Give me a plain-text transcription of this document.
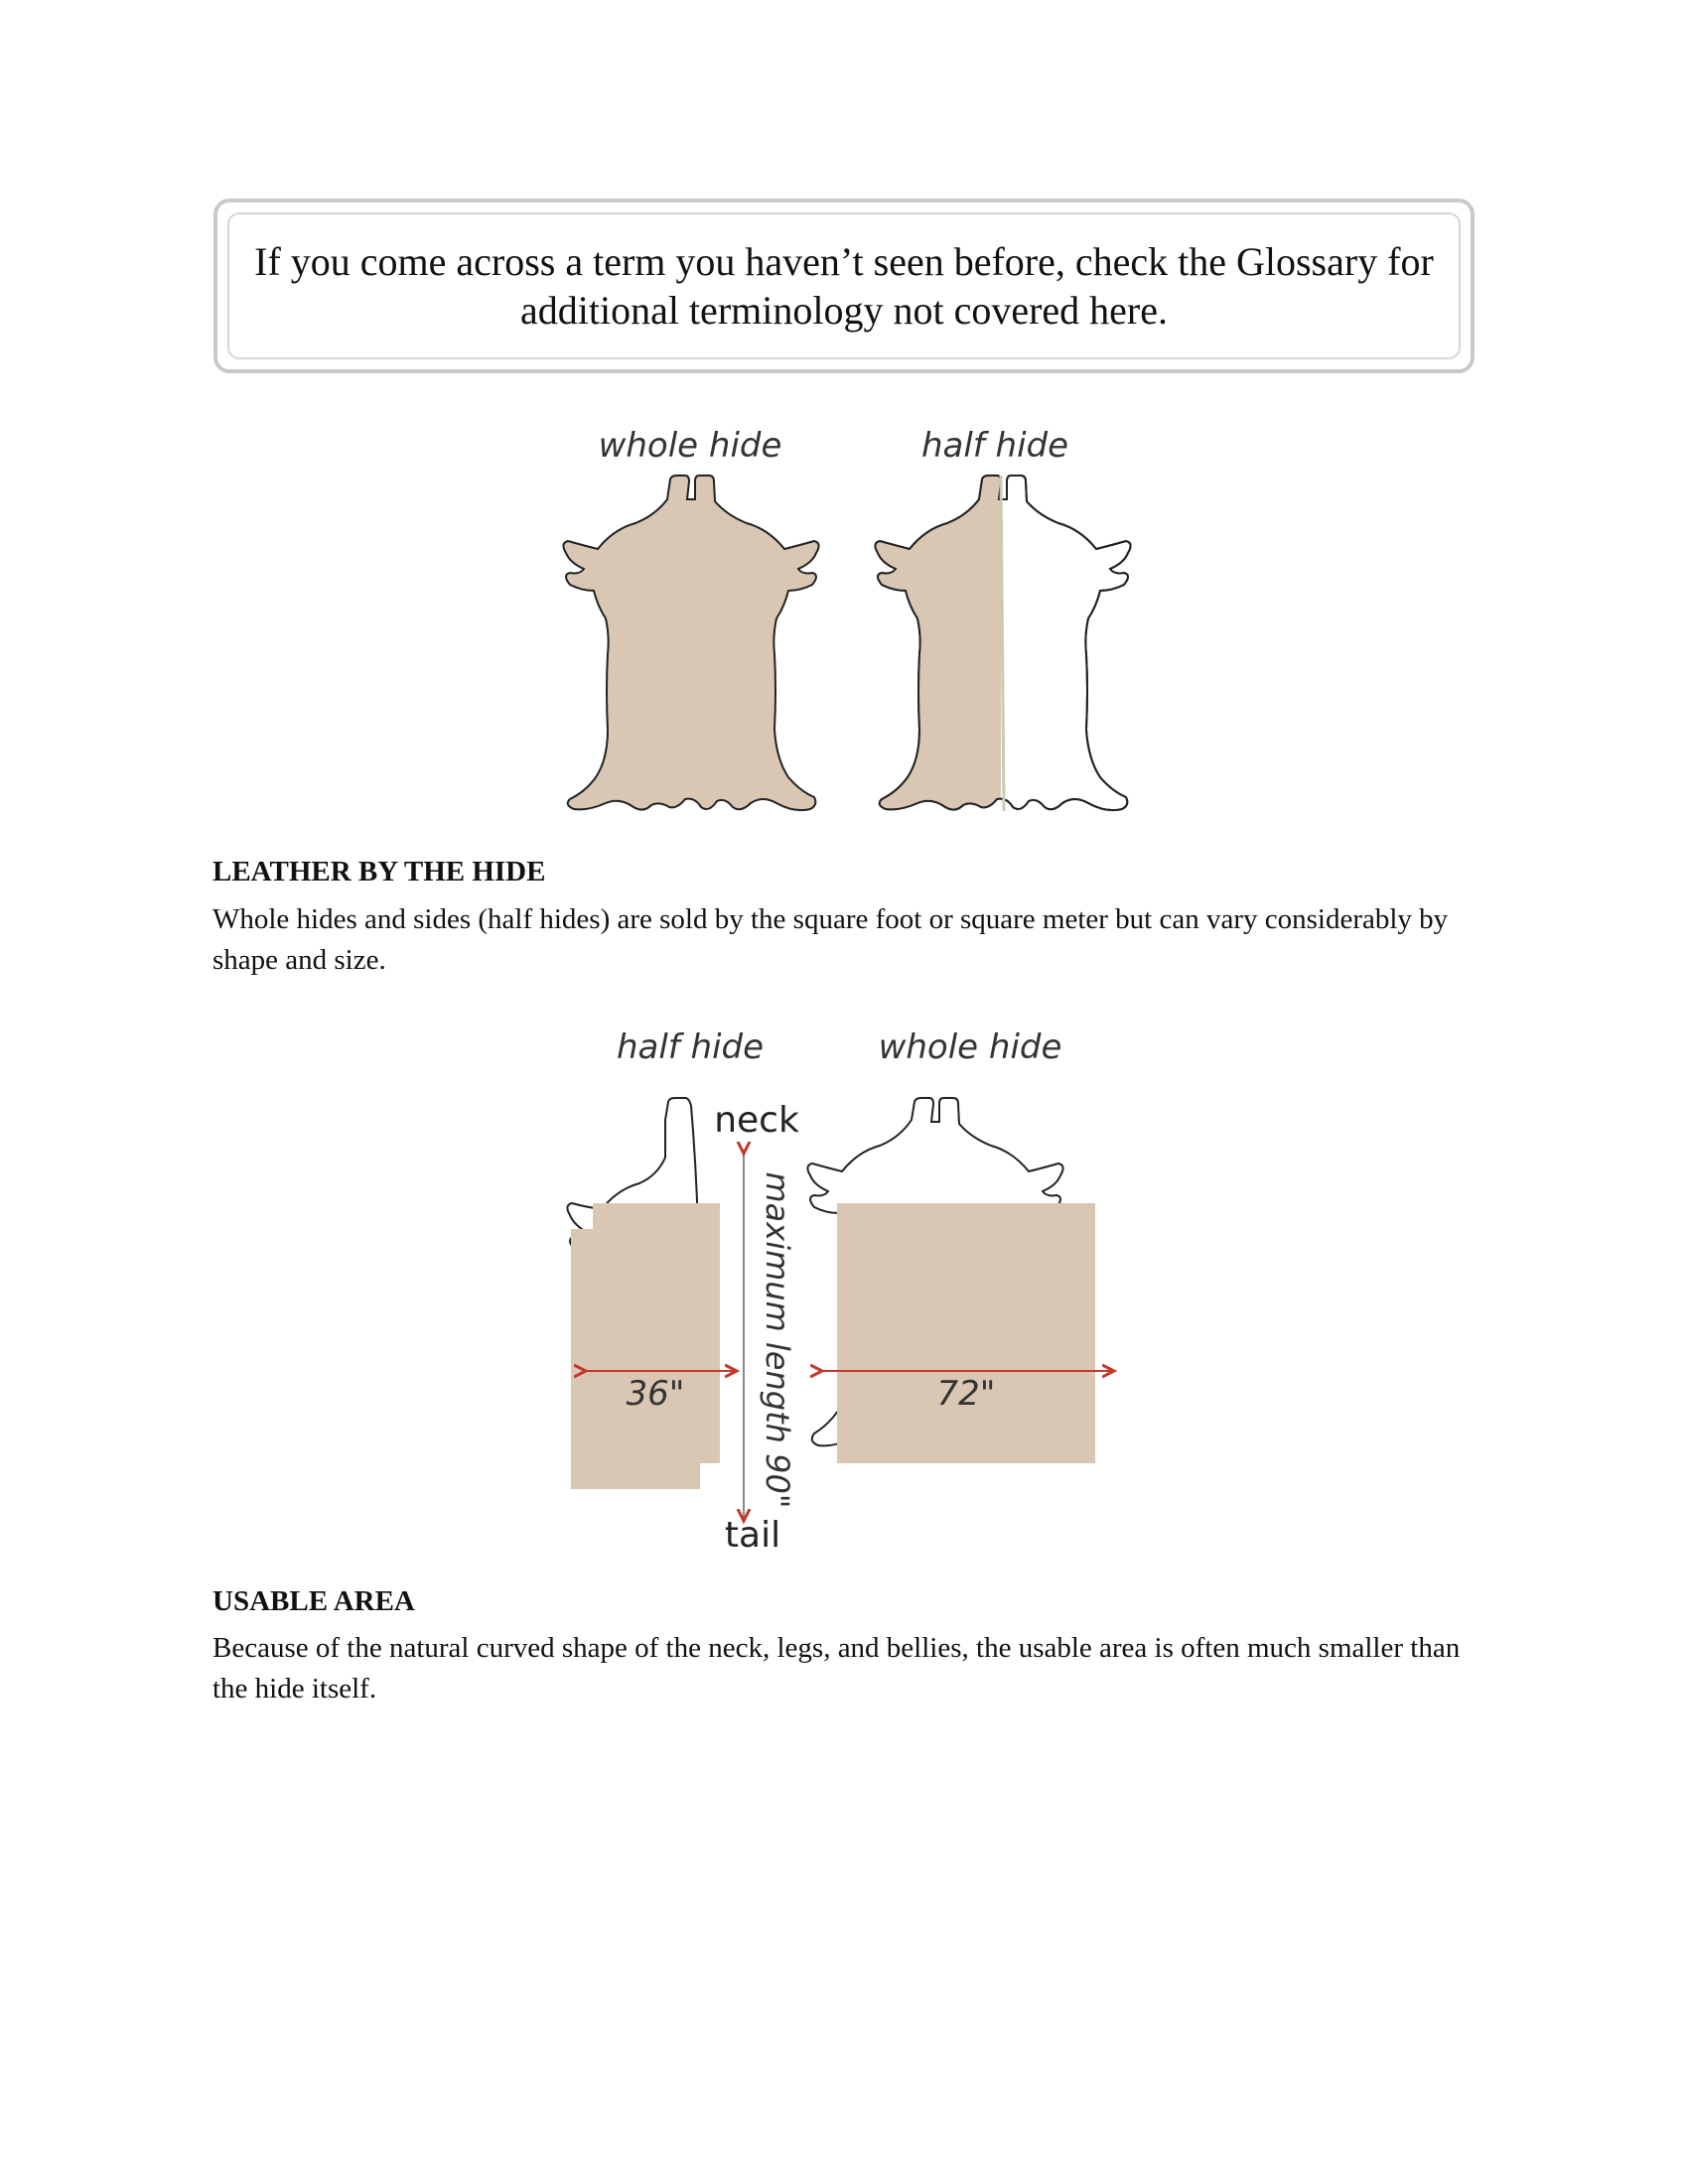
If you come across a term you haven’t seen before, check the Glossary for additional terminology not covered here.
whole hide	half hide
LEATHER BY THE HIDE

Whole hides and sides (half hides) are sold by the square foot or square meter but can vary considerably by shape and size.

half hide	whole hide
neck
tail
maximum length 90"
36"	72"
USABLE AREA

Because of the natural curved shape of the neck, legs, and bellies, the usable area is often much smaller than the hide itself.
